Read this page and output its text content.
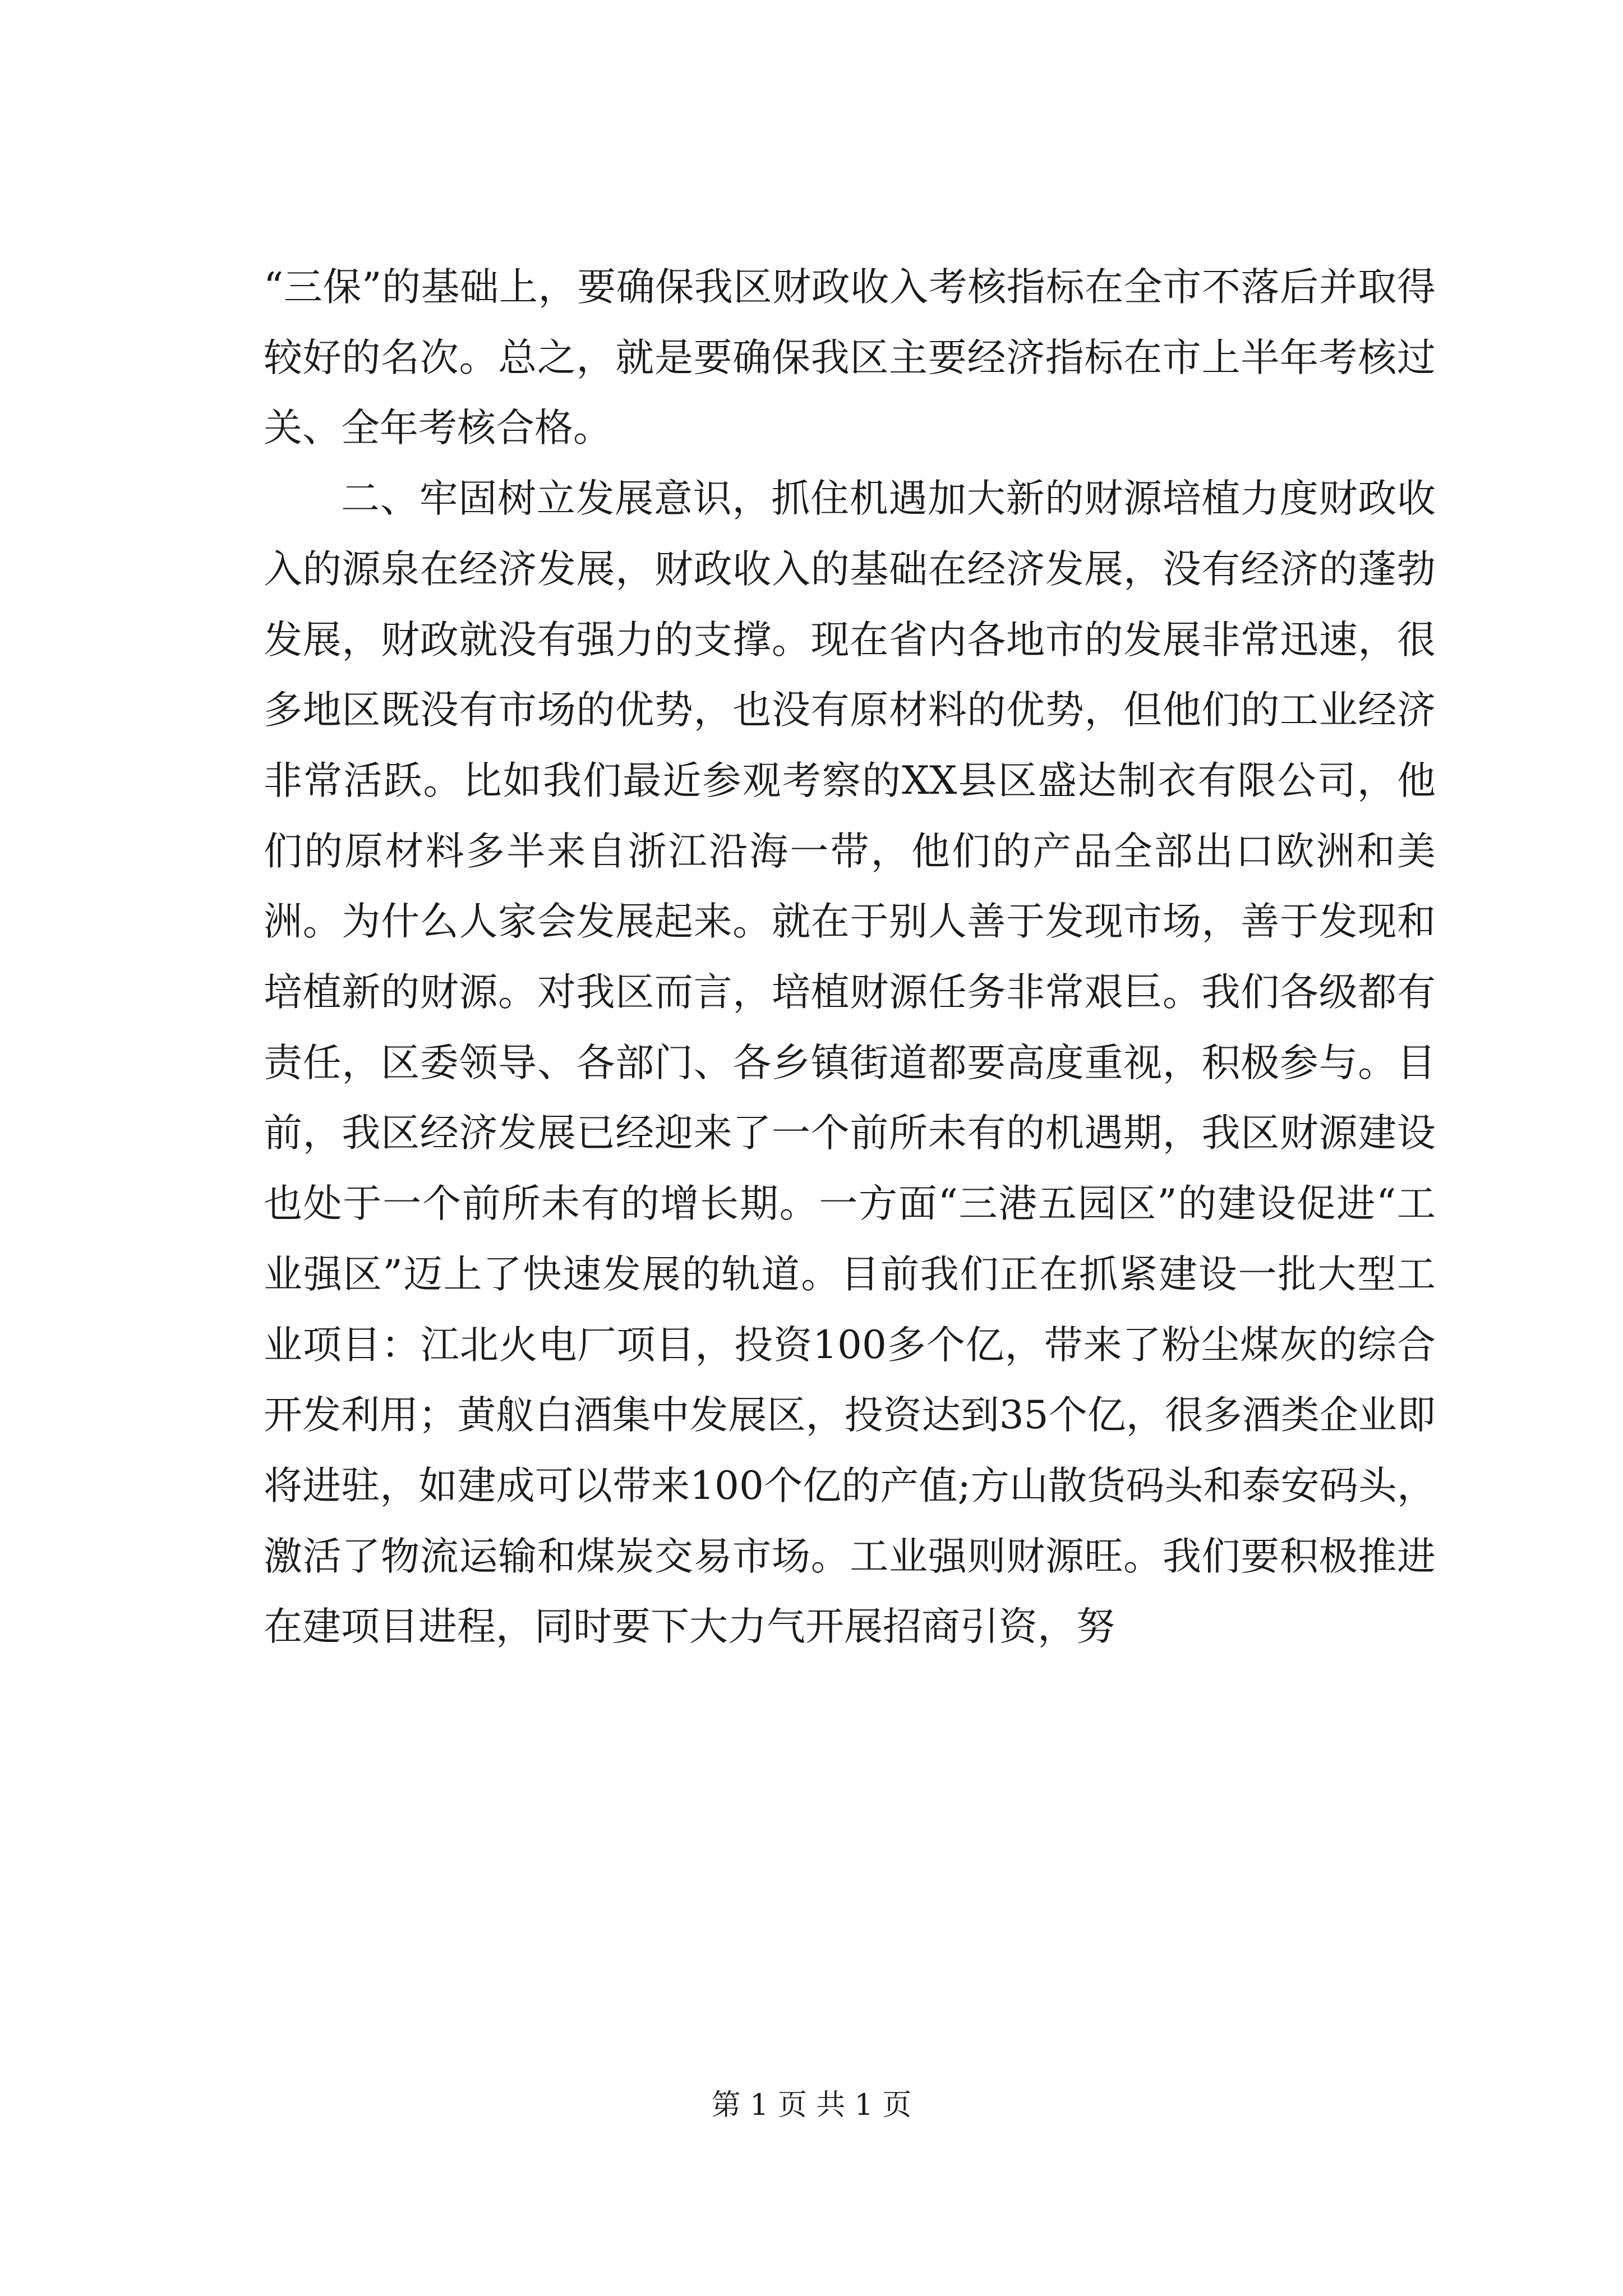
“三保”的基础上，要确保我区财政收入考核指标在全市不落后并取得较好的名次。总之，就是要确保我区主要经济指标在市上半年考核过关、全年考核合格。

二、牢固树立发展意识，抓住机遇加大新的财源培植力度财政收入的源泉在经济发展，财政收入的基础在经济发展，没有经济的蓬勃发展，财政就没有强力的支撑。现在省内各地市的发展非常迅速，很多地区既没有市场的优势，也没有原材料的优势，但他们的工业经济非常活跃。比如我们最近参观考察的XX县区盛达制衣有限公司，他们的原材料多半来自浙江沿海一带，他们的产品全部出口欧洲和美洲。为什么人家会发展起来。就在于别人善于发现市场，善于发现和培植新的财源。对我区而言，培植财源任务非常艰巨。我们各级都有责任，区委领导、各部门、各乡镇街道都要高度重视，积极参与。目前，我区经济发展已经迎来了一个前所未有的机遇期，我区财源建设也处于一个前所未有的增长期。一方面“三港五园区”的建设促进“工业强区”迈上了快速发展的轨道。目前我们正在抓紧建设一批大型工业项目：江北火电厂项目，投资100多个亿，带来了粉尘煤灰的综合开发利用；黄舣白酒集中发展区，投资达到35个亿，很多酒类企业即将进驻，如建成可以带来100个亿的产值;方山散货码头和泰安码头，激活了物流运输和煤炭交易市场。工业强则财源旺。我们要积极推进在建项目进程，同时要下大力气开展招商引资，努

第 1 页 共 1 页
